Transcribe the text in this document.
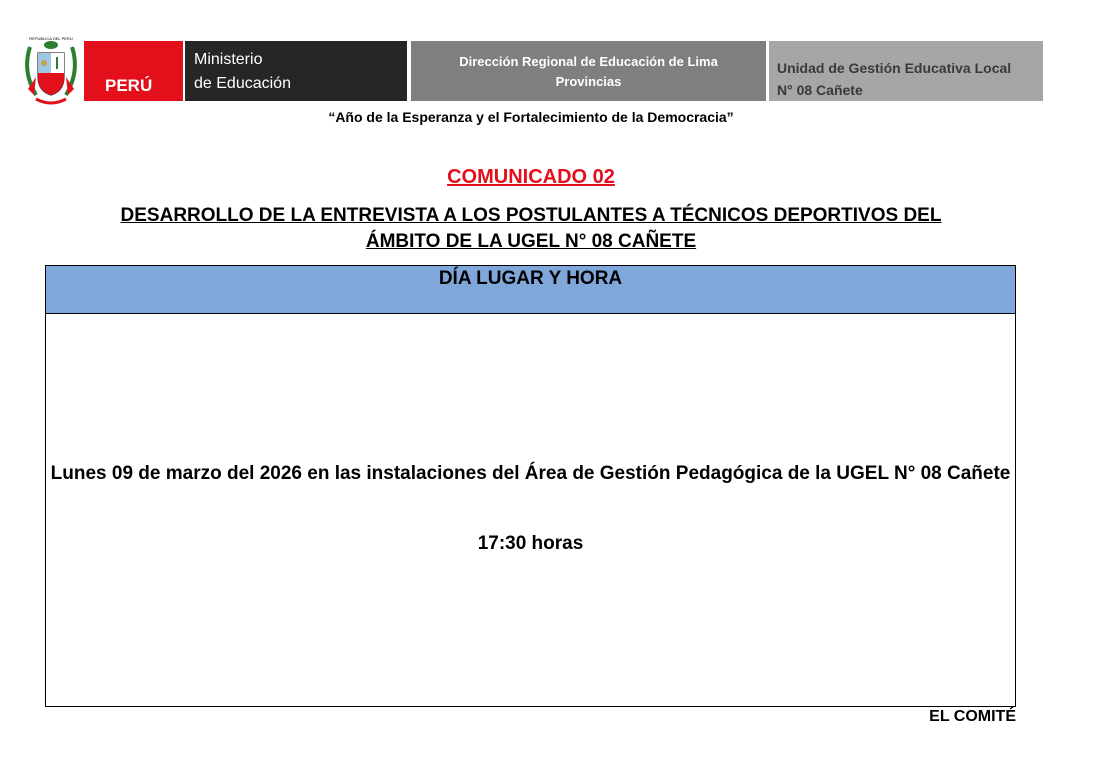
REPUBLICA DEL PERU
PERÚ
Ministerio
de Educación
Dirección Regional de Educación de Lima
Provincias
Unidad de Gestión Educativa Local
N° 08 Cañete
“Año de la Esperanza y el Fortalecimiento de la Democracia”
COMUNICADO 02
DESARROLLO DE LA ENTREVISTA A LOS POSTULANTES A TÉCNICOS DEPORTIVOS DEL
ÁMBITO DE LA UGEL N° 08 CAÑETE
DÍA LUGAR Y HORA
Lunes 09 de marzo del 2026 en las instalaciones del Área de Gestión Pedagógica de la UGEL N° 08 Cañete
17:30 horas
EL COMITÉ
